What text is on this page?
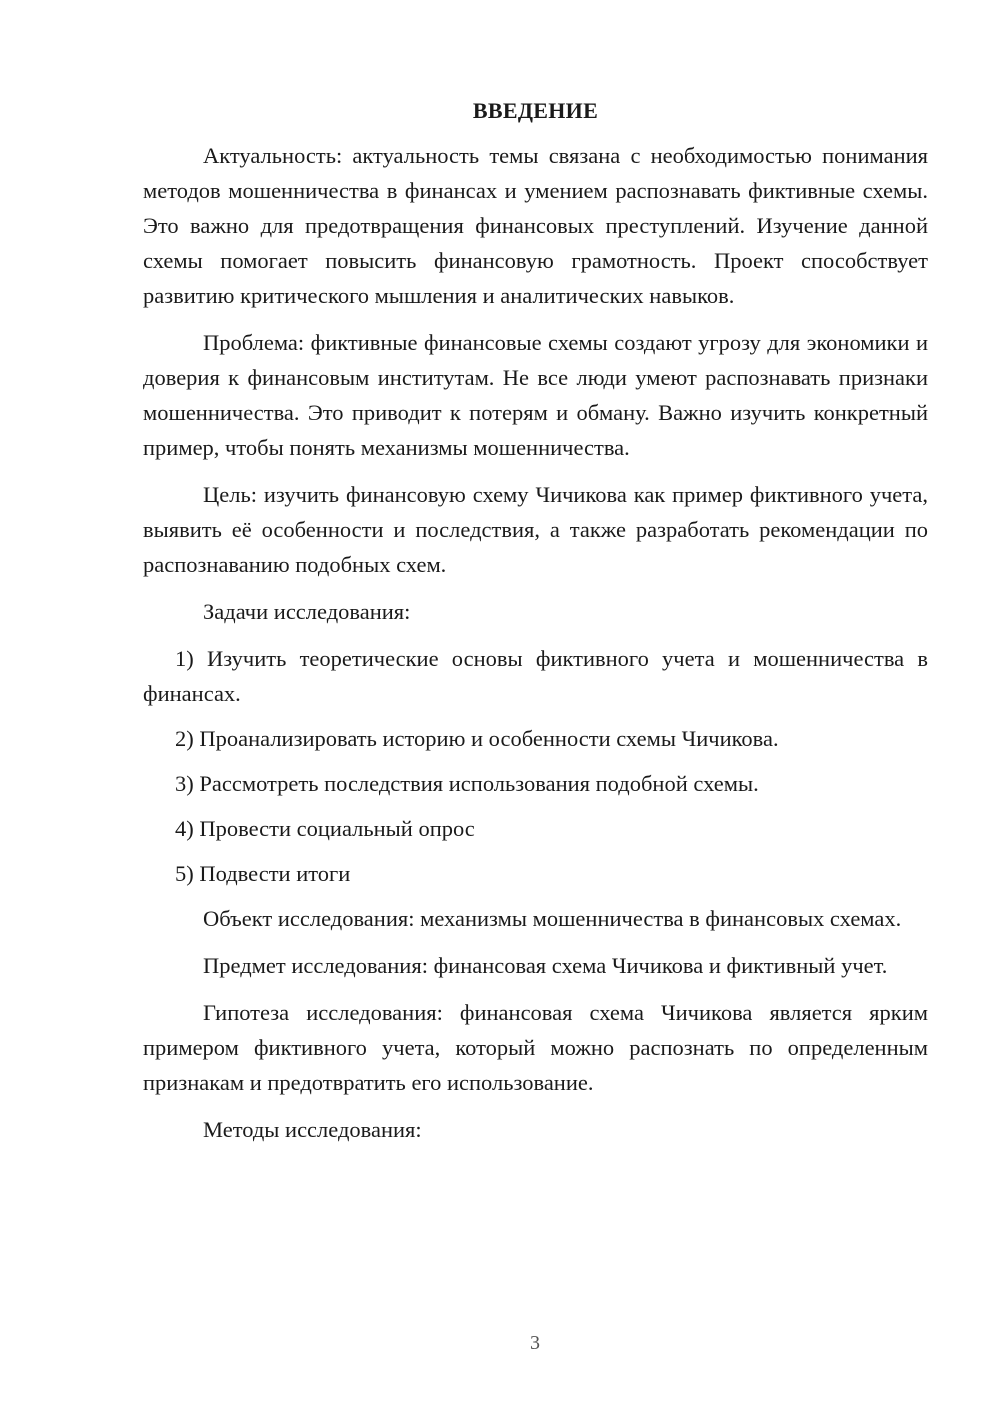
ВВЕДЕНИЕ

Актуальность: актуальность темы связана с необходимостью понимания методов мошенничества в финансах и умением распознавать фиктивные схемы. Это важно для предотвращения финансовых преступлений. Изучение данной схемы помогает повысить финансовую грамотность. Проект способствует развитию критического мышления и аналитических навыков.

Проблема: фиктивные финансовые схемы создают угрозу для экономики и доверия к финансовым институтам. Не все люди умеют распознавать признаки мошенничества. Это приводит к потерям и обману. Важно изучить конкретный пример, чтобы понять механизмы мошенничества.

Цель: изучить финансовую схему Чичикова как пример фиктивного учета, выявить её особенности и последствия, а также разработать рекомендации по распознаванию подобных схем.

Задачи исследования:

1) Изучить теоретические основы фиктивного учета и мошенничества в финансах.

2) Проанализировать историю и особенности схемы Чичикова.

3) Рассмотреть последствия использования подобной схемы.

4) Провести социальный опрос

5) Подвести итоги

Объект исследования: механизмы мошенничества в финансовых схемах.

Предмет исследования: финансовая схема Чичикова и фиктивный учет.

Гипотеза исследования: финансовая схема Чичикова является ярким примером фиктивного учета, который можно распознать по определенным признакам и предотвратить его использование.

Методы исследования:

3
